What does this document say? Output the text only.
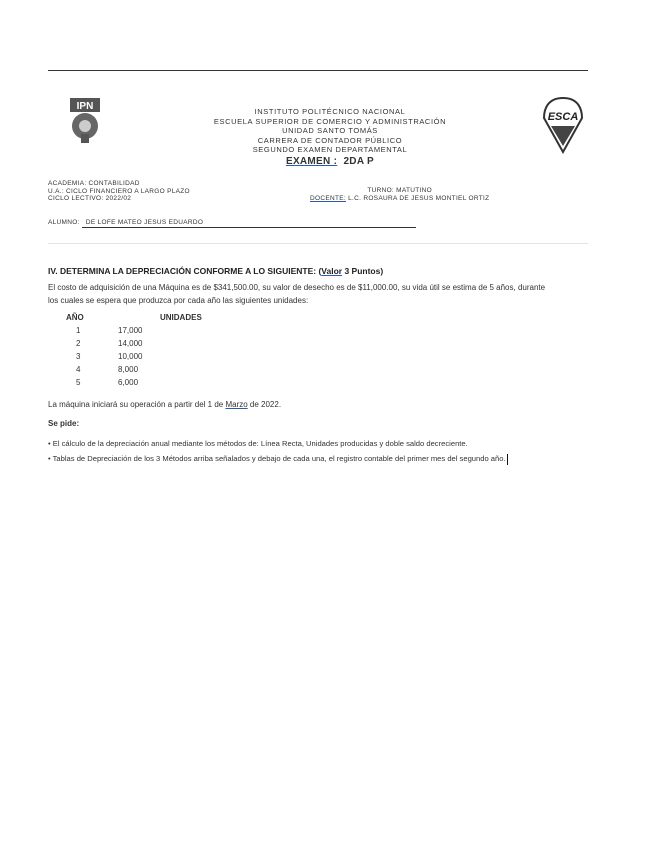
IPN
ESCA
INSTITUTO POLITÉCNICO NACIONAL
ESCUELA SUPERIOR DE COMERCIO Y ADMINISTRACIÓN
UNIDAD SANTO TOMÁS
CARRERA DE CONTADOR PÚBLICO
SEGUNDO EXAMEN DEPARTAMENTAL
EXAMEN : 2DA P
ACADEMIA: CONTABILIDAD
U.A.: CICLO FINANCIERO A LARGO PLAZO
CICLO LECTIVO: 2022/02
TURNO: MATUTINO
DOCENTE: L.C. ROSAURA DE JESUS MONTIEL ORTIZ
ALUMNO: DE LOFE MATEO JESUS EDUARDO
IV. DETERMINA LA DEPRECIACIÓN CONFORME A LO SIGUIENTE: (Valor 3 Puntos)
El costo de adquisición de una Máquina es de $341,500.00, su valor de desecho es de $11,000.00, su vida útil se estima de 5 años, durante
los cuales se espera que produzca por cada año las siguientes unidades:
AÑO	UNIDADES
1	17,000
2	14,000
3	10,000
4	8,000
5	6,000
La máquina iniciará su operación a partir del 1 de Marzo de 2022.
Se pide:
• El cálculo de la depreciación anual mediante los métodos de: Línea Recta, Unidades producidas y doble saldo decreciente.
• Tablas de Depreciación de los 3 Métodos arriba señalados y debajo de cada una, el registro contable del primer mes del segundo año.
